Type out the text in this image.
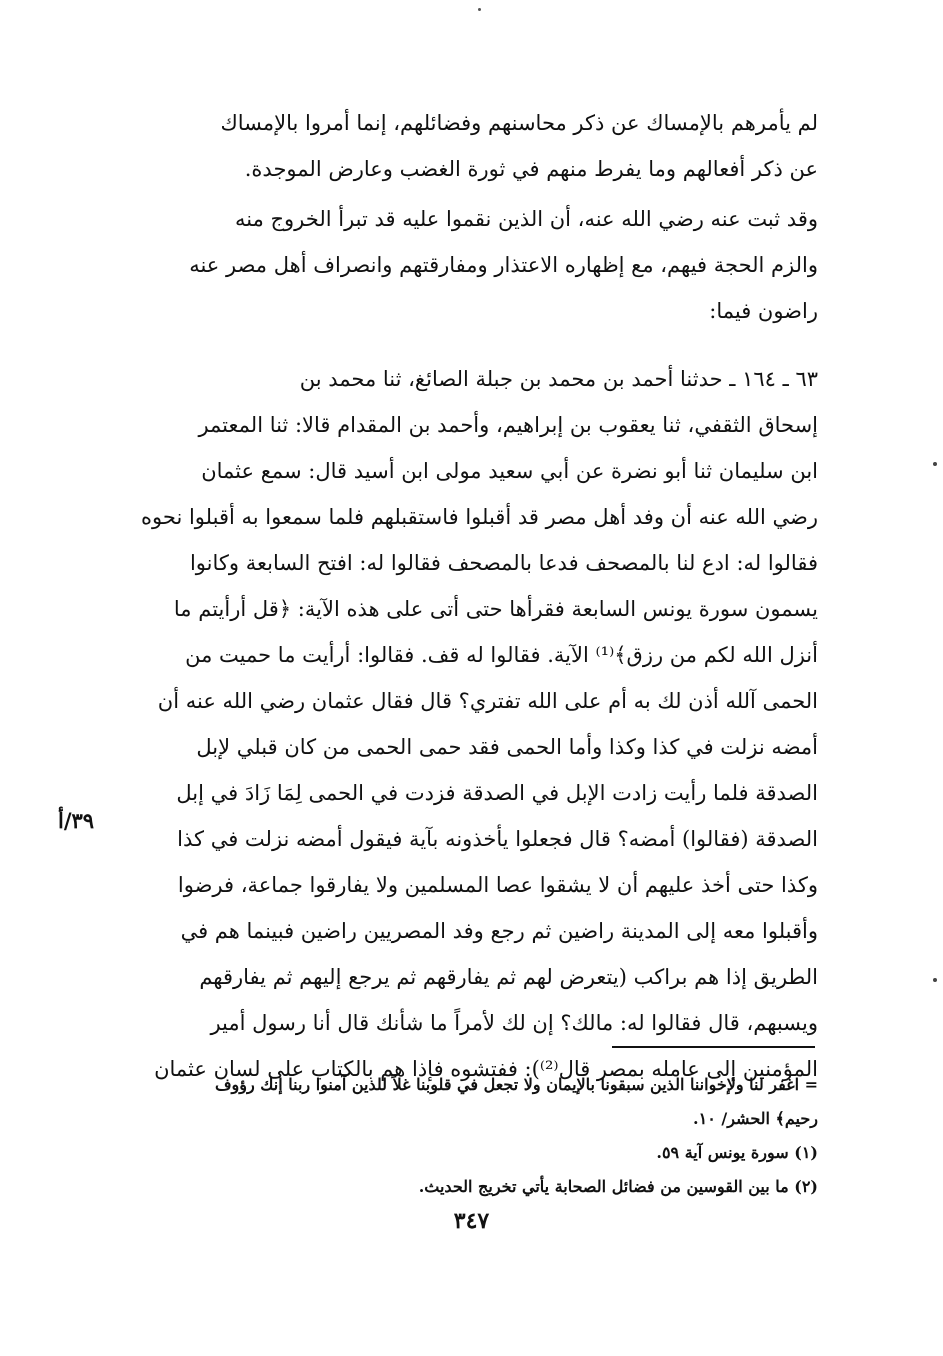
لم يأمرهم بالإمساك عن ذكر محاسنهم وفضائلهم، إنما أمروا بالإمساك
عن ذكر أفعالهم وما يفرط منهم في ثورة الغضب وعارض الموجدة.
وقد ثبت عنه رضي الله عنه، أن الذين نقموا عليه قد تبرأ الخروج منه
والزم الحجة فيهم، مع إظهاره الاعتذار ومفارقتهم وانصراف أهل مصر عنه
راضون فيما:
٦٣ ـ ١٦٤ ـ حدثنا أحمد بن محمد بن جبلة الصائغ، ثنا محمد بن
إسحاق الثقفي، ثنا يعقوب بن إبراهيم، وأحمد بن المقدام قالا: ثنا المعتمر
ابن سليمان ثنا أبو نضرة عن أبي سعيد مولى ابن أسيد قال: سمع عثمان
رضي الله عنه أن وفد أهل مصر قد أقبلوا فاستقبلهم فلما سمعوا به أقبلوا نحوه
فقالوا له: ادع لنا بالمصحف فدعا بالمصحف فقالوا له: افتح السابعة وكانوا
يسمون سورة يونس السابعة فقرأها حتى أتى على هذه الآية: ﴿قل أرأيتم ما
أنزل الله لكم من رزق﴾⁽¹⁾ الآية. فقالوا له قف. فقالوا: أرأيت ما حميت من
الحمى آلله أذن لك به أم على الله تفتري؟ قال فقال عثمان رضي الله عنه أن
أمضه نزلت في كذا وكذا وأما الحمى فقد حمى الحمى من كان قبلي لإبل
الصدقة فلما رأيت زادت الإبل في الصدقة فزدت في الحمى لِمَا زَادَ في إبل
الصدقة (فقالوا) أمضه؟ قال فجعلوا يأخذونه بآية فيقول أمضه نزلت في كذا
وكذا حتى أخذ عليهم أن لا يشقوا عصا المسلمين ولا يفارقوا جماعة، فرضوا
وأقبلوا معه إلى المدينة راضين ثم رجع وفد المصريين راضين فبينما هم في
الطريق إذا هم براكب (يتعرض لهم ثم يفارقهم ثم يرجع إليهم ثم يفارقهم
ويسبهم، قال فقالوا له: مالك؟ إن لك لأمراً ما شأنك قال أنا رسول أمير
المؤمنين إلى عامله بمصر قال⁽²⁾): ففتشوه فإذا هم بالكتاب على لسان عثمان
٣٩/أ
= اغفر لنا ولإخواننا الذين سبقونا بالإيمان ولا تجعل في قلوبنا غلاً للذين آمنوا ربنا إنك رؤوف
رحيم﴾ الحشر/ ١٠.
(١) سورة يونس آية ٥٩.
(٢) ما بين القوسين من فضائل الصحابة يأتي تخريج الحديث.
٣٤٧
